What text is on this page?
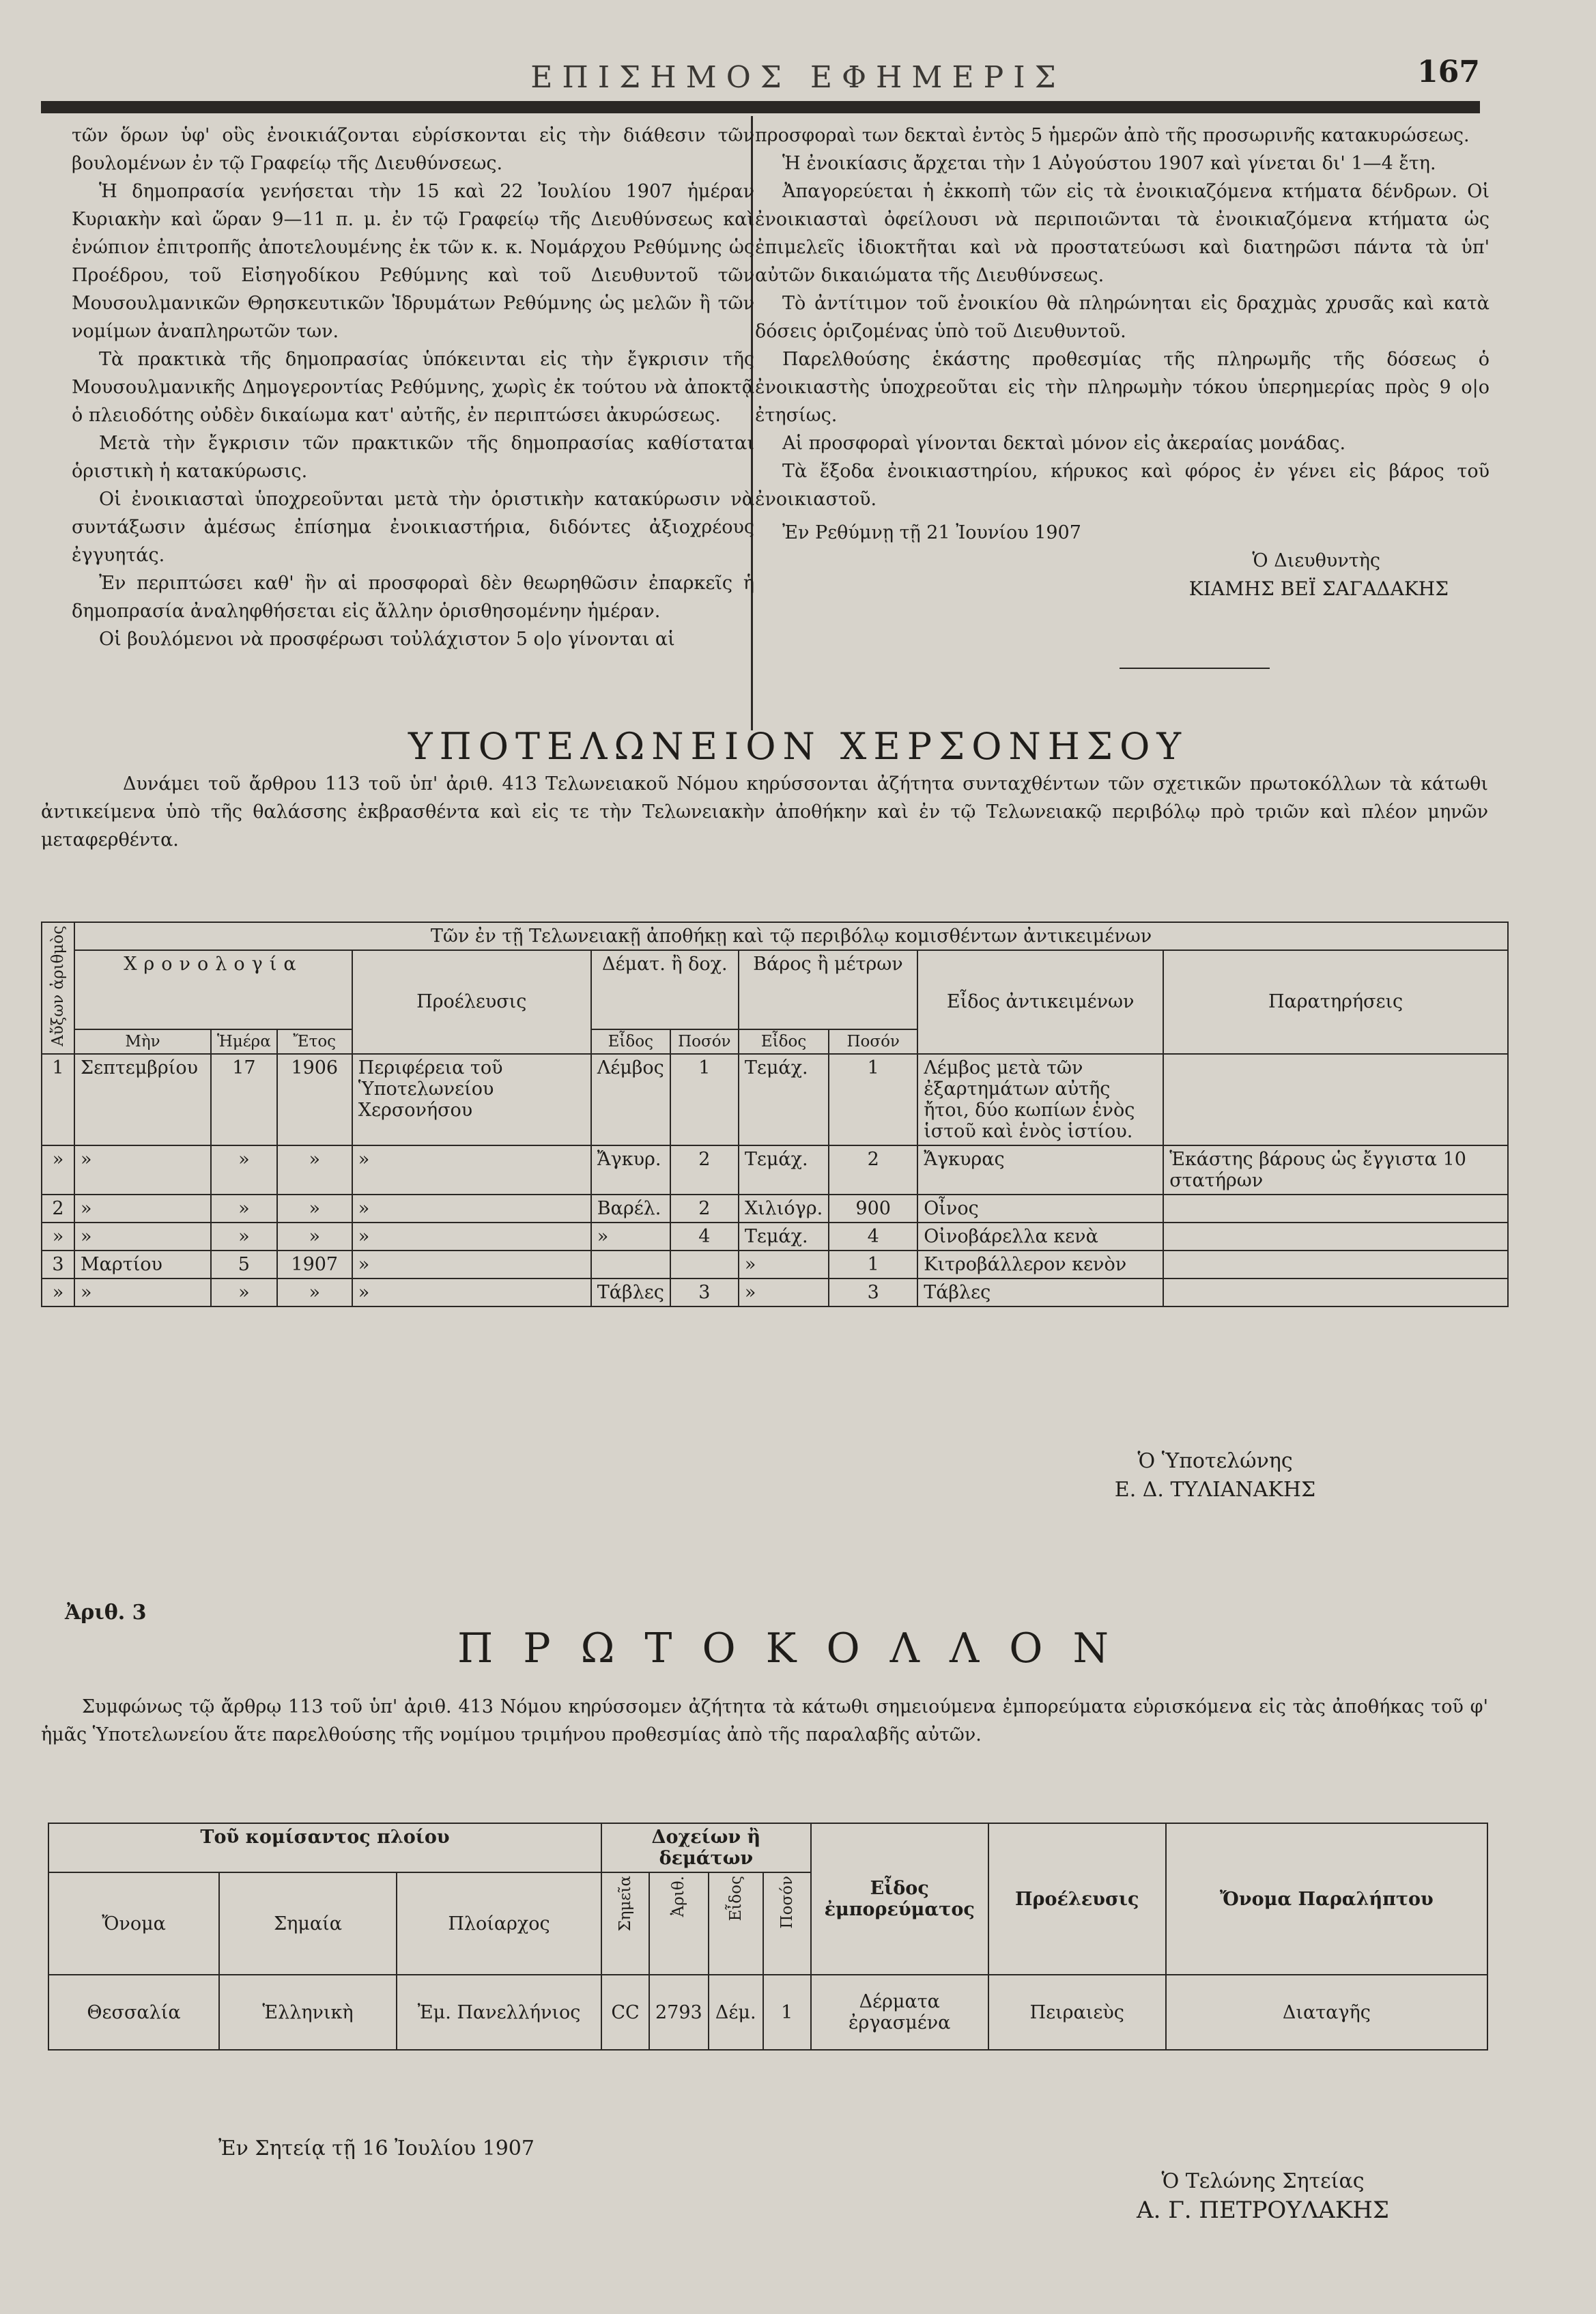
ΕΠΙΣΗΜΟΣ ΕΦΗΜΕΡΙΣ	167

τῶν ὅρων ὑφ' οὓς ἐνοικιάζονται εὑρίσκονται εἰς τὴν διάθεσιν τῶν βουλομένων ἐν τῷ Γραφείῳ τῆς Διευθύνσεως.

Ἡ δημοπρασία γενήσεται τὴν 15 καὶ 22 Ἰουλίου 1907 ἡμέραν Κυριακὴν καὶ ὥραν 9—11 π. μ. ἐν τῷ Γραφείῳ τῆς Διευθύνσεως καὶ ἐνώπιον ἐπιτροπῆς ἀποτελουμένης ἐκ τῶν κ. κ. Νομάρχου Ρεθύμνης ὡς Προέδρου, τοῦ Εἰσηγοδίκου Ρεθύμνης καὶ τοῦ Διευθυντοῦ τῶν Μουσουλμανικῶν Θρησκευτικῶν Ἱδρυμάτων Ρεθύμνης ὡς μελῶν ἢ τῶν νομίμων ἀναπληρωτῶν των.

Τὰ πρακτικὰ τῆς δημοπρασίας ὑπόκεινται εἰς τὴν ἔγκρισιν τῆς Μουσουλμανικῆς Δημογεροντίας Ρεθύμνης, χωρὶς ἐκ τούτου νὰ ἀποκτᾷ ὁ πλειοδότης οὐδὲν δικαίωμα κατ' αὐτῆς, ἐν περιπτώσει ἀκυρώσεως.

Μετὰ τὴν ἔγκρισιν τῶν πρακτικῶν τῆς δημοπρασίας καθίσταται ὁριστικὴ ἡ κατακύρωσις.

Οἱ ἐνοικιασταὶ ὑποχρεοῦνται μετὰ τὴν ὁριστικὴν κατακύρωσιν νὰ συντάξωσιν ἀμέσως ἐπίσημα ἐνοικιαστήρια, διδόντες ἀξιοχρέους ἐγγυητάς.

Ἐν περιπτώσει καθ' ἣν αἱ προσφοραὶ δὲν θεωρηθῶσιν ἐπαρκεῖς ἡ δημοπρασία ἀναληφθήσεται εἰς ἄλλην ὁρισθησομένην ἡμέραν.

Οἱ βουλόμενοι νὰ προσφέρωσι τοὐλάχιστον 5 ο|ο γίνονται αἱ

προσφοραὶ των δεκταὶ ἐντὸς 5 ἡμερῶν ἀπὸ τῆς προσωρινῆς κατακυρώσεως.

Ἡ ἐνοικίασις ἄρχεται τὴν 1 Αὐγούστου 1907 καὶ γίνεται δι' 1—4 ἔτη.

Ἀπαγορεύεται ἡ ἐκκοπὴ τῶν εἰς τὰ ἐνοικιαζόμενα κτήματα δένδρων. Οἱ ἐνοικιασταὶ ὀφείλουσι νὰ περιποιῶνται τὰ ἐνοικιαζόμενα κτήματα ὡς ἐπιμελεῖς ἰδιοκτῆται καὶ νὰ προστατεύωσι καὶ διατηρῶσι πάντα τὰ ὑπ' αὐτῶν δικαιώματα τῆς Διευθύνσεως.

Τὸ ἀντίτιμον τοῦ ἐνοικίου θὰ πληρώνηται εἰς δραχμὰς χρυσᾶς καὶ κατὰ δόσεις ὁριζομένας ὑπὸ τοῦ Διευθυντοῦ.

Παρελθούσης ἑκάστης προθεσμίας τῆς πληρωμῆς τῆς δόσεως ὁ ἐνοικιαστὴς ὑποχρεοῦται εἰς τὴν πληρωμὴν τόκου ὑπερημερίας πρὸς 9 ο|ο ἐτησίως.

Αἱ προσφοραὶ γίνονται δεκταὶ μόνον εἰς ἀκεραίας μονάδας.

Τὰ ἔξοδα ἐνοικιαστηρίου, κήρυκος καὶ φόρος ἐν γένει εἰς βάρος τοῦ ἐνοικιαστοῦ.

Ἐν Ρεθύμνῃ τῇ 21 Ἰουνίου 1907

Ὁ Διευθυντὴς
ΚΙΑΜΗΣ ΒΕΪ ΣΑΓΑΔΑΚΗΣ
ΥΠΟΤΕΛΩΝΕΙΟΝ ΧΕΡΣΟΝΗΣΟΥ
Δυνάμει τοῦ ἄρθρου 113 τοῦ ὑπ' ἀριθ. 413 Τελωνειακοῦ Νόμου κηρύσσονται ἀζήτητα συνταχθέντων τῶν σχετικῶν πρωτοκόλλων τὰ κάτωθι ἀντικείμενα ὑπὸ τῆς θαλάσσης ἐκβρασθέντα καὶ εἰς τε τὴν Τελωνειακὴν ἀποθήκην καὶ ἐν τῷ Τελωνειακῷ περιβόλῳ πρὸ τριῶν καὶ πλέον μηνῶν μεταφερθέντα.
Αὔξων ἀριθμὸς	Τῶν ἐν τῇ Τελωνειακῇ ἀποθήκῃ καὶ τῷ περιβόλῳ κομισθέντων ἀντικειμένων									
	Χρονολογία			Προέλευσις	Δέματ. ἢ δοχ.		Βάρος ἢ μέτρων		Εἶδος ἀντικειμένων	Παρατηρήσεις
	Μὴν	Ἡμέρα	Ἔτος		Εἶδος	Ποσόν	Εἶδος	Ποσόν		
1	Σεπτεμβρίου	17	1906	Περιφέρεια τοῦ Ὑποτελωνείου Χερσονήσου	Λέμβος	1	Τεμάχ.	1	Λέμβος μετὰ τῶν ἐξαρτημάτων αὐτῆς ἤτοι, δύο κωπίων ἑνὸς ἱστοῦ καὶ ἑνὸς ἱστίου.	
»	»	»	»	»	Ἄγκυρ.	2	Τεμάχ.	2	Ἄγκυρας	Ἑκάστης βάρους ὡς ἔγγιστα 10 στατήρων
2	»	»	»	»	Βαρέλ.	2	Χιλιόγρ.	900	Οἶνος	
»	»	»	»	»	»	4	Τεμάχ.	4	Οἰνοβάρελλα κενὰ	
3	Μαρτίου	5	1907	»			»	1	Κιτροβάλλερον κενὸν	
»	»	»	»	»	Τάβλες	3	»	3	Τάβλες	
Ὁ Ὑποτελώνης
Ε. Δ. ΤΥΛΙΑΝΑΚΗΣ
Ἀριθ. 3
ΠΡΩΤΟΚΟΛΛΟΝ
Συμφώνως τῷ ἄρθρῳ 113 τοῦ ὑπ' ἀριθ. 413 Νόμου κηρύσσομεν ἀζήτητα τὰ κάτωθι σημειούμενα ἐμπορεύματα εὑρισκόμενα εἰς τὰς ἀποθήκας τοῦ φ' ἡμᾶς Ὑποτελωνείου ἅτε παρελθούσης τῆς νομίμου τριμήνου προθεσμίας ἀπὸ τῆς παραλαβῆς αὐτῶν.
Τοῦ κομίσαντος πλοίου			Δοχείων ἢ δεμάτων				Εἶδος ἐμπορεύματος	Προέλευσις	Ὄνομα Παραλήπτου
Ὄνομα	Σημαία	Πλοίαρχος	Σημεῖα	Ἀριθ.	Εἶδος	Ποσόν			
Θεσσαλία	Ἑλληνικὴ	Ἐμ. Πανελλήνιος	CC	2793	Δέμ.	1	Δέρματα ἐργασμένα	Πειραιεὺς	Διαταγῆς
Ἐν Σητείᾳ τῇ 16 Ἰουλίου 1907
Ὁ Τελώνης Σητείας
Α. Γ. ΠΕΤΡΟΥΛΑΚΗΣ
